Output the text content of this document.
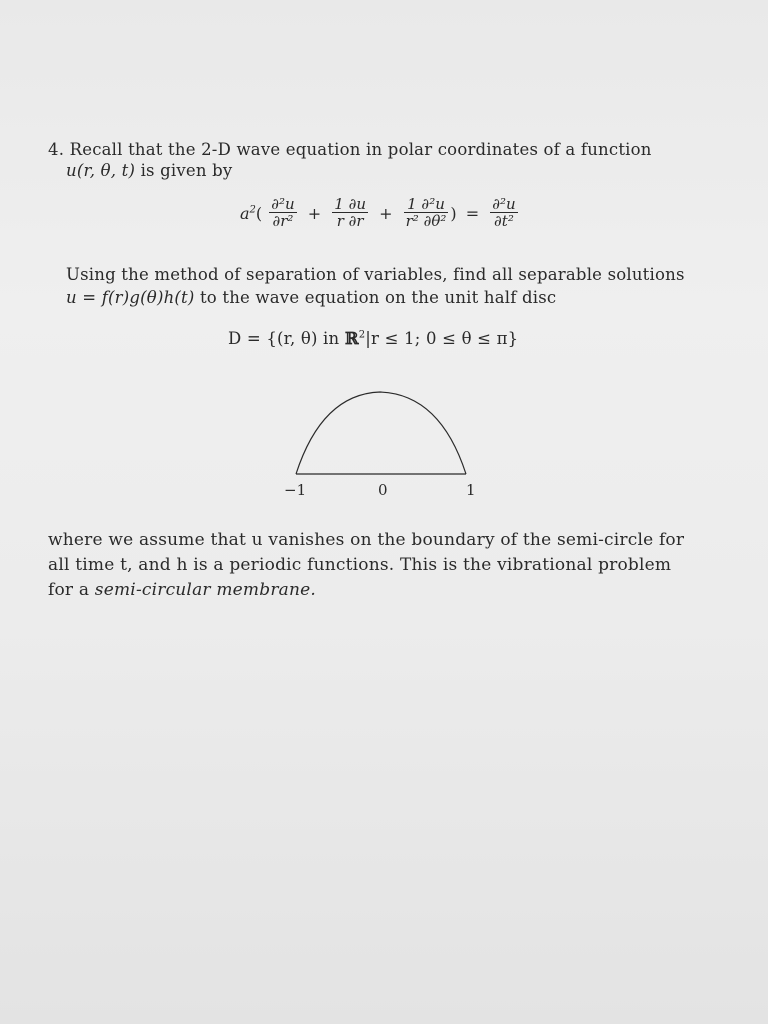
4. Recall that the 2-D wave equation in polar coordinates of a function
u(r, θ, t) is given by
$a^2( \frac{\text{∂²u}}{\text{∂r²}} + \frac{1 \partial u}{r \partial r} + \frac{\text{1 ∂²u}}{\text{r² ∂θ²}}$ ) = $\frac{\text{∂²u}}{\text{∂t²}}$
Using the method of separation of variables, find all separable solutions
u = f(r)g(θ)h(t) to the wave equation on the unit half disc
D = {(r, θ) in ℝ$^2$|r ≤ 1; 0 ≤ θ ≤ π}
−1	0	1
where we assume that u vanishes on the boundary of the semi-circle for
all time t, and h is a periodic functions. This is the vibrational problem
for a semi-circular membrane.
